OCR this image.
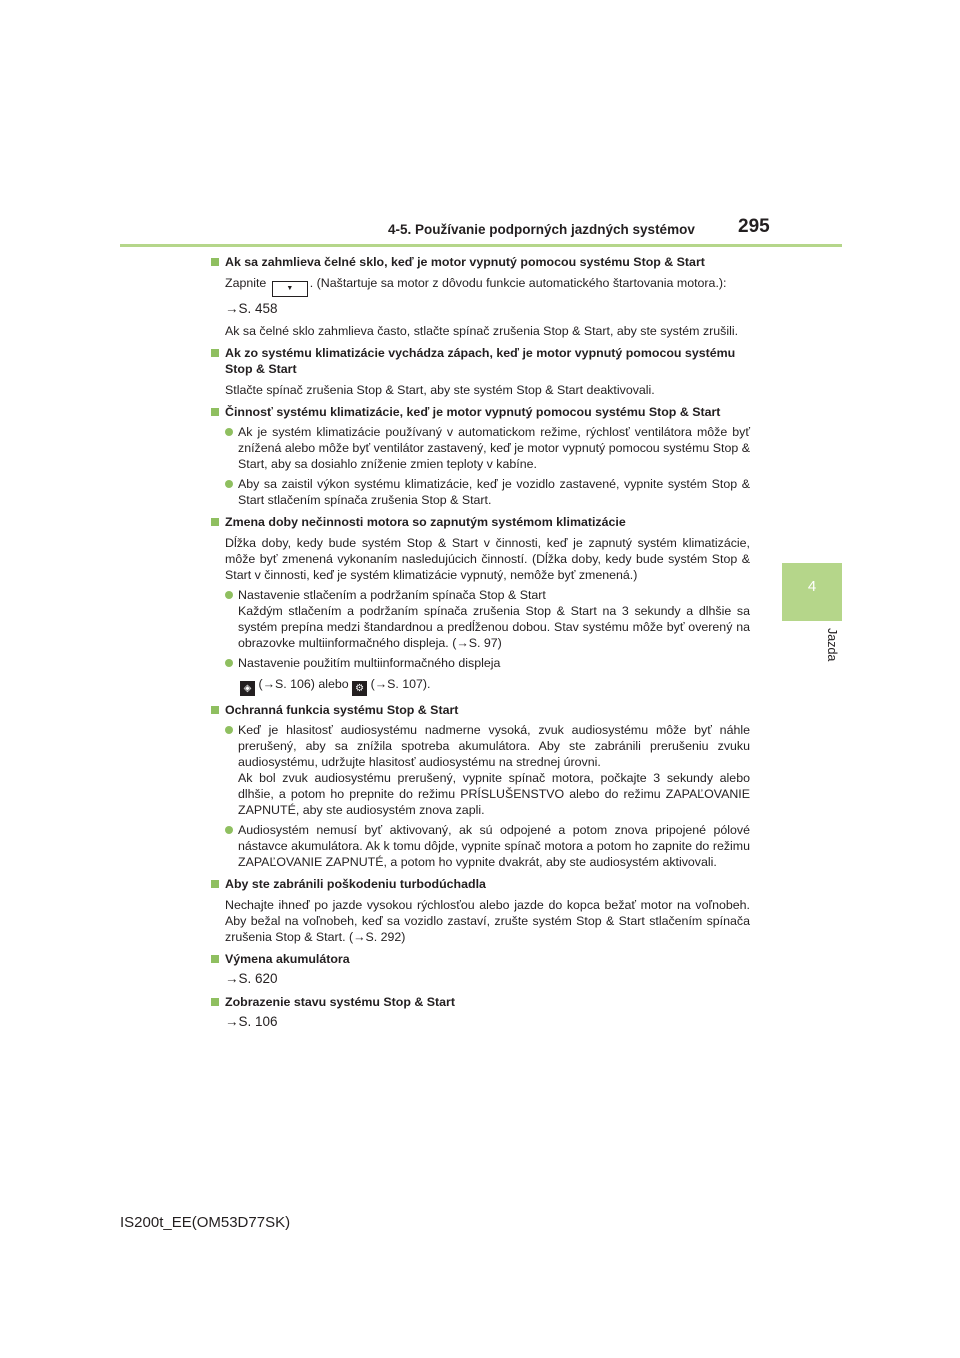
4-5. Používanie podporných jazdných systémov 295
4
Jazda
Ak sa zahmlieva čelné sklo, keď je motor vypnutý pomocou systému Stop & Start
Zapnite	▼ . (Naštartuje sa motor z dôvodu funkcie automatického štartovania motora.):
→S. 458
Ak sa čelné sklo zahmlieva často, stlačte spínač zrušenia Stop & Start, aby ste systém zrušili.
Ak zo systému klimatizácie vychádza zápach, keď je motor vypnutý pomocou systému Stop & Start
Stlačte spínač zrušenia Stop & Start, aby ste systém Stop & Start deaktivovali.
Činnosť systému klimatizácie, keď je motor vypnutý pomocou systému Stop & Start
Ak je systém klimatizácie používaný v automatickom režime, rýchlosť ventilátora môže byť znížená alebo môže byť ventilátor zastavený, keď je motor vypnutý pomocou systému Stop & Start, aby sa dosiahlo zníženie zmien teploty v kabíne.
Aby sa zaistil výkon systému klimatizácie, keď je vozidlo zastavené, vypnite systém Stop & Start stlačením spínača zrušenia Stop & Start.
Zmena doby nečinnosti motora so zapnutým systémom klimatizácie
Dĺžka doby, kedy bude systém Stop & Start v činnosti, keď je zapnutý systém klimatizácie, môže byť zmenená vykonaním nasledujúcich činností. (Dĺžka doby, kedy bude systém Stop & Start v činnosti, keď je systém klimatizácie vypnutý, nemôže byť zmenená.)
Nastavenie stlačením a podržaním spínača Stop & Start
Každým stlačením a podržaním spínača zrušenia Stop & Start na 3 sekundy a dlhšie sa systém prepína medzi štandardnou a predĺženou dobou. Stav systému môže byť overený na obrazovke multiinformačného displeja. (→S. 97)
Nastavenie použitím multiinformačného displeja
◈ (→S. 106) alebo ⚙ (→S. 107).
Ochranná funkcia systému Stop & Start
Keď je hlasitosť audiosystému nadmerne vysoká, zvuk audiosystému môže byť náhle prerušený, aby sa znížila spotreba akumulátora. Aby ste zabránili prerušeniu zvuku audiosystému, udržujte hlasitosť audiosystému na strednej úrovni.
Ak bol zvuk audiosystému prerušený, vypnite spínač motora, počkajte 3 sekundy alebo dlhšie, a potom ho prepnite do režimu PRÍSLUŠENSTVO alebo do režimu ZAPAĽOVANIE ZAPNUTÉ, aby ste audiosystém znova zapli.
Audiosystém nemusí byť aktivovaný, ak sú odpojené a potom znova pripojené pólové nástavce akumulátora. Ak k tomu dôjde, vypnite spínač motora a potom ho zapnite do režimu ZAPAĽOVANIE ZAPNUTÉ, a potom ho vypnite dvakrát, aby ste audiosystém aktivovali.
Aby ste zabránili poškodeniu turbodúchadla
Nechajte ihneď po jazde vysokou rýchlosťou alebo jazde do kopca bežať motor na voľnobeh. Aby bežal na voľnobeh, keď sa vozidlo zastaví, zrušte systém Stop & Start stlačením spínača zrušenia Stop & Start. (→S. 292)
Výmena akumulátora
→S. 620
Zobrazenie stavu systému Stop & Start
→S. 106
IS200t_EE(OM53D77SK)
